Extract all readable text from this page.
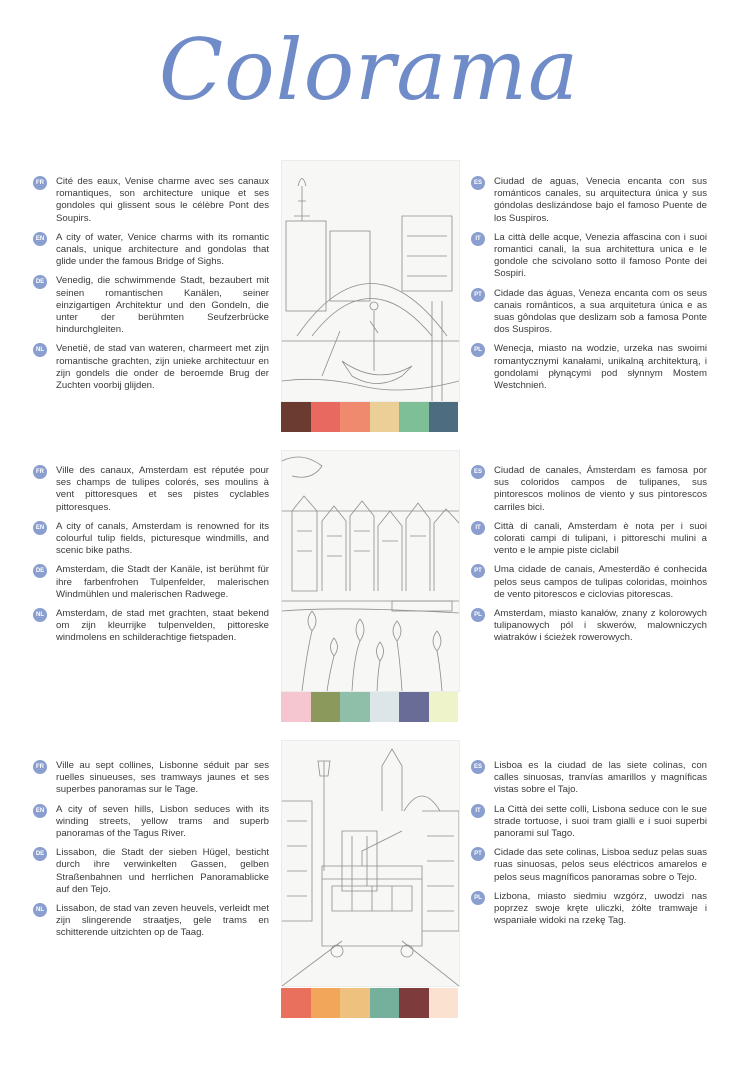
Colorama
FR	Cité des eaux, Venise charme avec ses canaux romantiques, son architecture unique et ses gondoles qui glissent sous le célèbre Pont des Soupirs.
EN A city of water, Venice charms with its romantic canals, unique architecture and gondolas that glide under the famous Bridge of Sighs.
DE Venedig, die schwimmende Stadt, bezaubert mit seinen romantischen Kanälen, seiner einzigartigen Architektur und den Gondeln, die unter der berühmten Seufzerbrücke hindurchgleiten.
NL	Venetië, de stad van wateren, charmeert met zijn romantische grachten, zijn unieke architectuur en zijn gondels die onder de beroemde Brug der Zuchten voorbij glijden.
ES	Ciudad de aguas, Venecia encanta con sus románticos canales, su arquitectura única y sus góndolas deslizándose bajo el famoso Puente de los Suspiros.
IT	La città delle acque, Venezia affascina con i suoi romantici canali, la sua architettura unica e le gondole che scivolano sotto il famoso Ponte dei Sospiri.
PT	Cidade das águas, Veneza encanta com os seus canais românticos, a sua arquitetura única e as suas gôndolas que deslizam sob a famosa Ponte dos Suspiros.
PL	Wenecja, miasto na wodzie, urzeka nas swoimi romantycznymi kanałami, unikalną architekturą, i gondolami płynącymi pod słynnym Mostem Westchnień.
FR	Ville des canaux, Amsterdam est réputée pour ses champs de tulipes colorés, ses moulins à vent pittoresques et ses pistes cyclables pittoresques.
EN A city of canals, Amsterdam is renowned for its colourful tulip fields, picturesque windmills, and scenic bike paths.
DE Amsterdam, die Stadt der Kanäle, ist berühmt für ihre farbenfrohen Tulpenfelder, malerischen Windmühlen und malerischen Radwege.
NL	Amsterdam, de stad met grachten, staat bekend om zijn kleurrijke tulpenvelden, pittoreske windmolens en schilderachtige fietspaden.
ES	Ciudad de canales, Ámsterdam es famosa por sus coloridos campos de tulipanes, sus pintorescos molinos de viento y sus pintorescos carriles bici.
IT	Città di canali, Amsterdam è nota per i suoi colorati campi di tulipani, i pittoreschi mulini a vento e le ampie piste ciclabil
PT	Uma cidade de canais, Amesterdão é conhecida pelos seus campos de tulipas coloridas, moinhos de vento pitorescos e ciclovias pitorescas.
PL	Amsterdam, miasto kanałów, znany z kolorowych tulipanowych pól i skwerów, malowniczych wiatraków i ścieżek rowerowych.
FR	Ville au sept collines, Lisbonne séduit par ses ruelles sinueuses, ses tramways jaunes et ses superbes panoramas sur le Tage.
EN A city of seven hills, Lisbon seduces with its winding streets, yellow trams and superb panoramas of the Tagus River.
DE Lissabon, die Stadt der sieben Hügel, besticht durch ihre verwinkelten Gassen, gelben Straßenbahnen und herrlichen Panoramablicke auf den Tejo.
NL	Lissabon, de stad van zeven heuvels, verleidt met zijn slingerende straatjes, gele trams en schitterende uitzichten op de Taag.
ES	Lisboa es la ciudad de las siete colinas, con calles sinuosas, tranvías amarillos y magníficas vistas sobre el Tajo.
IT	La Città dei sette colli, Lisbona seduce con le sue strade tortuose, i suoi tram gialli e i suoi superbi panorami sul Tago.
PT	Cidade das sete colinas, Lisboa seduz pelas suas ruas sinuosas, pelos seus eléctricos amarelos e pelos seus magníficos panoramas sobre o Tejo.
PL	Lizbona, miasto siedmiu wzgórz, uwodzi nas poprzez swoje kręte uliczki, żółte tramwaje i wspaniałe widoki na rzekę Tag.
